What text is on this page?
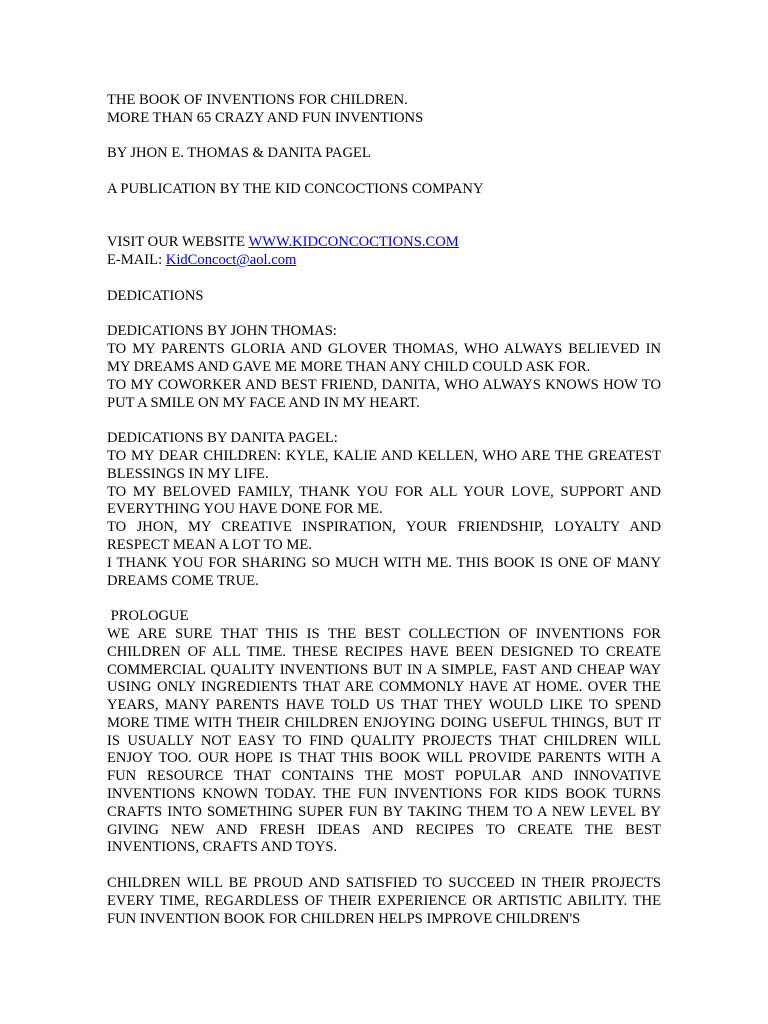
THE BOOK OF INVENTIONS FOR CHILDREN.
MORE THAN 65 CRAZY AND FUN INVENTIONS
BY JHON E. THOMAS & DANITA PAGEL
A PUBLICATION BY THE KID CONCOCTIONS COMPANY
VISIT OUR WEBSITE WWW.KIDCONCOCTIONS.COM
E-MAIL: KidConcoct@aol.com
DEDICATIONS
DEDICATIONS BY JOHN THOMAS:
TO MY PARENTS GLORIA AND GLOVER THOMAS, WHO ALWAYS BELIEVED IN MY DREAMS AND GAVE ME MORE THAN ANY CHILD COULD ASK FOR.
TO MY COWORKER AND BEST FRIEND, DANITA, WHO ALWAYS KNOWS HOW TO PUT A SMILE ON MY FACE AND IN MY HEART.
DEDICATIONS BY DANITA PAGEL:
TO MY DEAR CHILDREN: KYLE, KALIE AND KELLEN, WHO ARE THE GREATEST BLESSINGS IN MY LIFE.
TO MY BELOVED FAMILY, THANK YOU FOR ALL YOUR LOVE, SUPPORT AND EVERYTHING YOU HAVE DONE FOR ME.
TO JHON, MY CREATIVE INSPIRATION, YOUR FRIENDSHIP, LOYALTY AND RESPECT MEAN A LOT TO ME.
I THANK YOU FOR SHARING SO MUCH WITH ME. THIS BOOK IS ONE OF MANY DREAMS COME TRUE.
PROLOGUE
WE ARE SURE THAT THIS IS THE BEST COLLECTION OF INVENTIONS FOR CHILDREN OF ALL TIME. THESE RECIPES HAVE BEEN DESIGNED TO CREATE COMMERCIAL QUALITY INVENTIONS BUT IN A SIMPLE, FAST AND CHEAP WAY USING ONLY INGREDIENTS THAT ARE COMMONLY HAVE AT HOME. OVER THE YEARS, MANY PARENTS HAVE TOLD US THAT THEY WOULD LIKE TO SPEND MORE TIME WITH THEIR CHILDREN ENJOYING DOING USEFUL THINGS, BUT IT IS USUALLY NOT EASY TO FIND QUALITY PROJECTS THAT CHILDREN WILL ENJOY TOO. OUR HOPE IS THAT THIS BOOK WILL PROVIDE PARENTS WITH A FUN RESOURCE THAT CONTAINS THE MOST POPULAR AND INNOVATIVE INVENTIONS KNOWN TODAY. THE FUN INVENTIONS FOR KIDS BOOK TURNS CRAFTS INTO SOMETHING SUPER FUN BY TAKING THEM TO A NEW LEVEL BY GIVING NEW AND FRESH IDEAS AND RECIPES TO CREATE THE BEST INVENTIONS, CRAFTS AND TOYS.
CHILDREN WILL BE PROUD AND SATISFIED TO SUCCEED IN THEIR PROJECTS EVERY TIME, REGARDLESS OF THEIR EXPERIENCE OR ARTISTIC ABILITY. THE FUN INVENTION BOOK FOR CHILDREN HELPS IMPROVE CHILDREN'S
